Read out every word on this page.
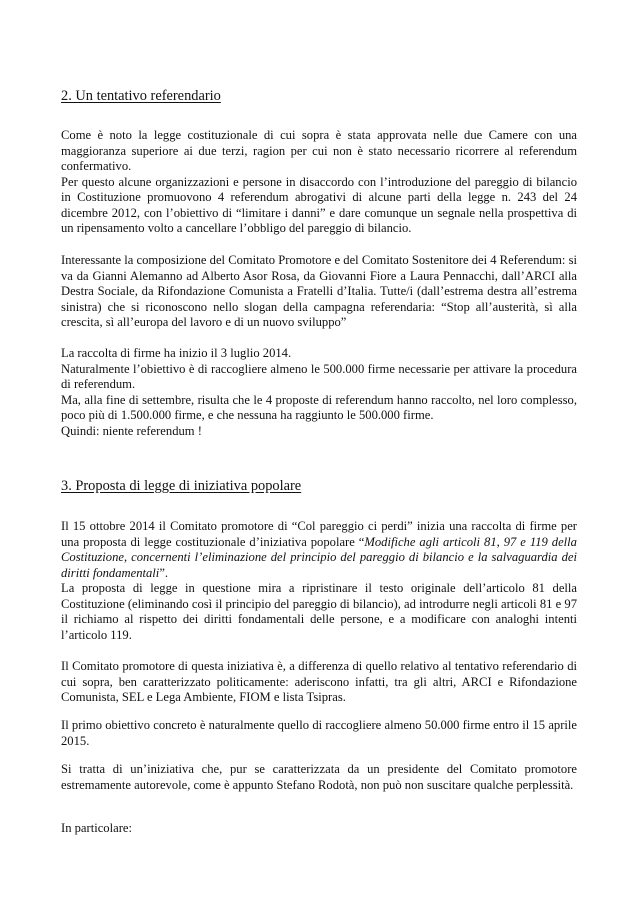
2. Un tentativo referendario

Come è noto la legge costituzionale di cui sopra è stata approvata nelle due Camere con una maggioranza superiore ai due terzi, ragion per cui non è stato necessario ricorrere al referendum confermativo.

Per questo alcune organizzazioni e persone in disaccordo con l’introduzione del pareggio di bilancio in Costituzione promuovono 4 referendum abrogativi di alcune parti della legge n. 243 del 24 dicembre 2012, con l’obiettivo di “limitare i danni” e dare comunque un segnale nella prospettiva di un ripensamento volto a cancellare l’obbligo del pareggio di bilancio.

Interessante la composizione del Comitato Promotore e del Comitato Sostenitore dei 4 Referendum: si va da Gianni Alemanno ad Alberto Asor Rosa, da Giovanni Fiore a Laura Pennacchi, dall’ARCI alla Destra Sociale, da Rifondazione Comunista a Fratelli d’Italia. Tutte/i (dall’estrema destra all’estrema sinistra) che si riconoscono nello slogan della campagna referendaria: “Stop all’austerità, sì alla crescita, sì all’europa del lavoro e di un nuovo sviluppo”

La raccolta di firme ha inizio il 3 luglio 2014.

Naturalmente l’obiettivo è di raccogliere almeno le 500.000 firme necessarie per attivare la procedura di referendum.

Ma, alla fine di settembre, risulta che le 4 proposte di referendum hanno raccolto, nel loro complesso, poco più di 1.500.000 firme, e che nessuna ha raggiunto le 500.000 firme.

Quindi: niente referendum !

3. Proposta di legge di iniziativa popolare

Il 15 ottobre 2014 il Comitato promotore di “Col pareggio ci perdi” inizia una raccolta di firme per una proposta di legge costituzionale d’iniziativa popolare “Modifiche agli articoli 81, 97 e 119 della Costituzione, concernenti l’eliminazione del principio del pareggio di bilancio e la salvaguardia dei diritti fondamentali”.

La proposta di legge in questione mira a ripristinare il testo originale dell’articolo 81 della Costituzione (eliminando così il principio del pareggio di bilancio), ad introdurre negli articoli 81 e 97 il richiamo al rispetto dei diritti fondamentali delle persone, e a modificare con analoghi intenti l’articolo 119.

Il Comitato promotore di questa iniziativa è, a differenza di quello relativo al tentativo referendario di cui sopra, ben caratterizzato politicamente: aderiscono infatti, tra gli altri, ARCI e Rifondazione Comunista, SEL e Lega Ambiente, FIOM e lista Tsipras.

Il primo obiettivo concreto è naturalmente quello di raccogliere almeno 50.000 firme entro il 15 aprile 2015.

Si tratta di un’iniziativa che, pur se caratterizzata da un presidente del Comitato promotore estremamente autorevole, come è appunto Stefano Rodotà, non può non suscitare qualche perplessità.

In particolare:
